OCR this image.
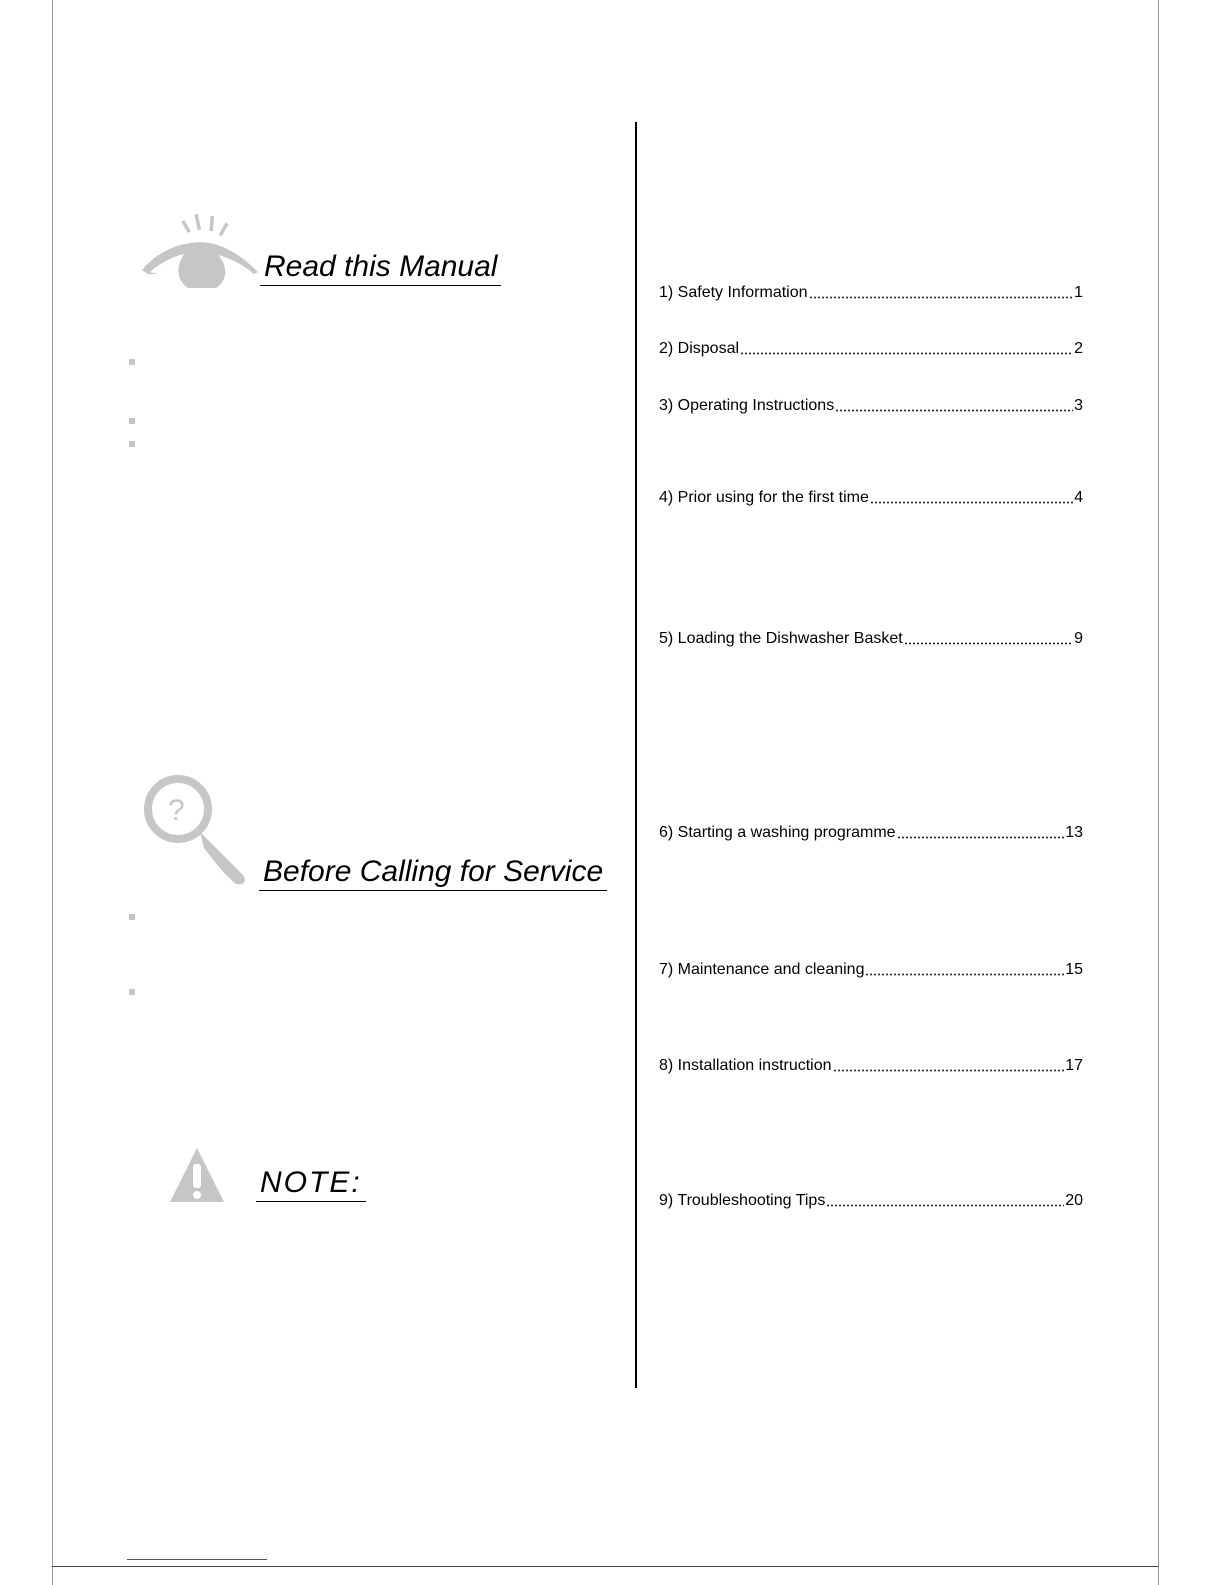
Read this Manual
?
Before Calling for Service
NOTE:
1) Safety Information	1
2) Disposal	2
3) Operating Instructions	3
4) Prior using for the first time	4
5) Loading the Dishwasher Basket	9
6) Starting a washing programme	13
7) Maintenance and cleaning	15
8) Installation instruction	17
9) Troubleshooting Tips	20
